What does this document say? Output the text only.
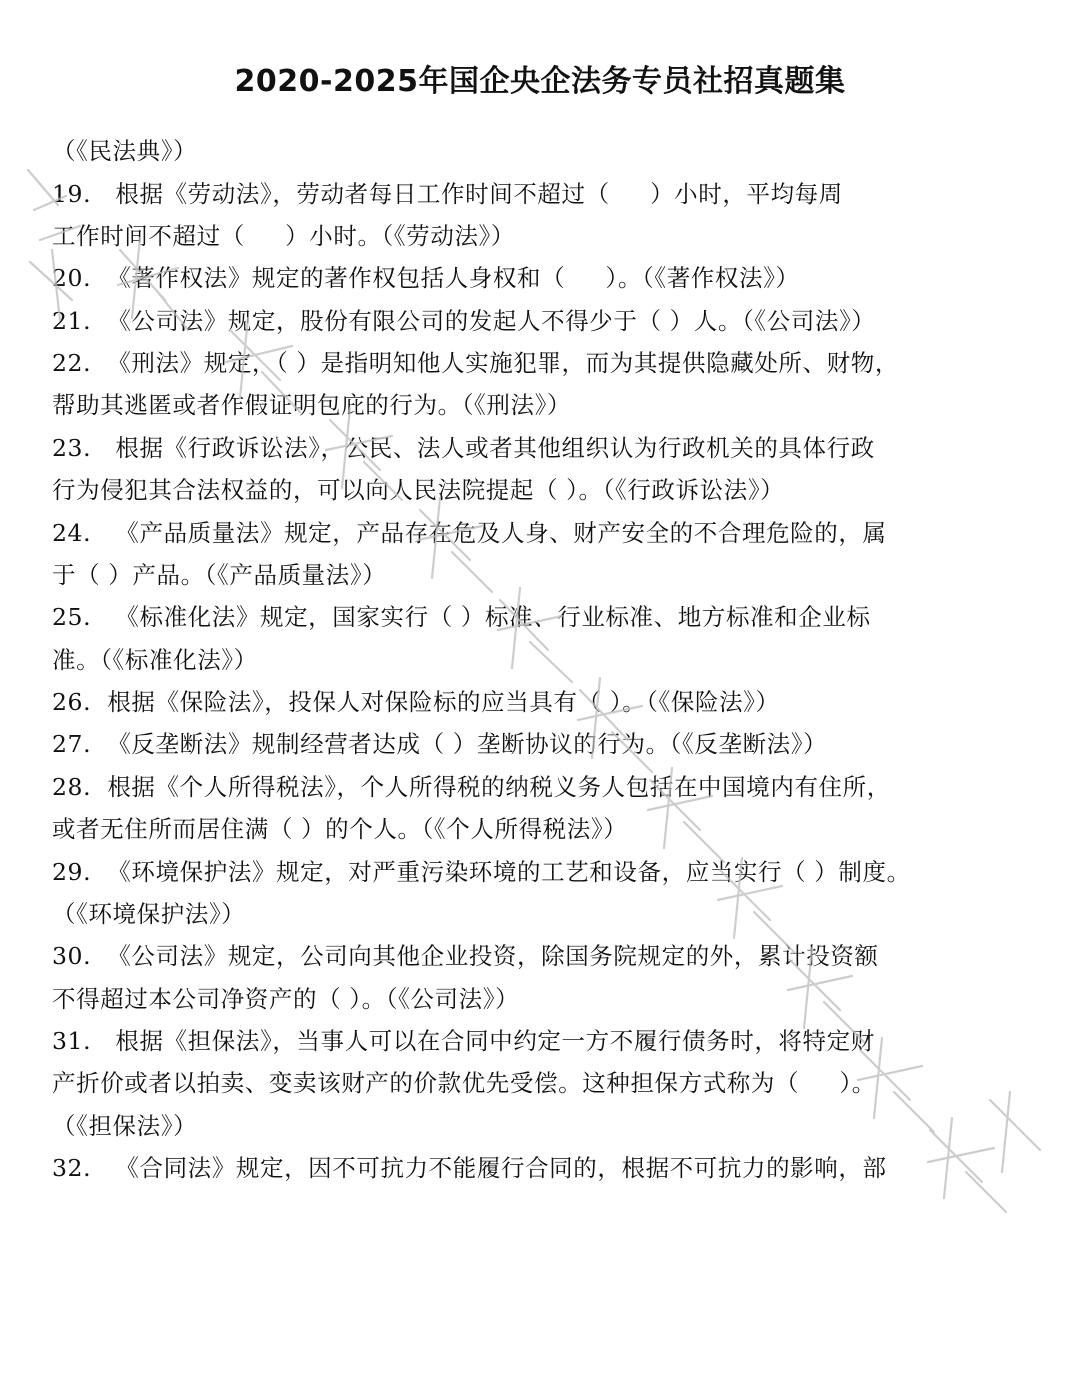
2020-2025年国企央企法务专员社招真题集
（《民法典》）
19.   根据《劳动法》，劳动者每日工作时间不超过（     ）小时，平均每周
工作时间不超过（     ）小时。（《劳动法》）
20.  《著作权法》规定的著作权包括人身权和（     ）。（《著作权法》）
21.  《公司法》规定，股份有限公司的发起人不得少于（ ）人。（《公司法》）
22.  《刑法》规定，（ ）是指明知他人实施犯罪，而为其提供隐藏处所、财物，
帮助其逃匿或者作假证明包庇的行为。（《刑法》）
23.   根据《行政诉讼法》，公民、法人或者其他组织认为行政机关的具体行政
行为侵犯其合法权益的，可以向人民法院提起（ ）。（《行政诉讼法》）
24.   《产品质量法》规定，产品存在危及人身、财产安全的不合理危险的，属
于（ ）产品。（《产品质量法》）
25.   《标准化法》规定，国家实行（ ）标准、行业标准、地方标准和企业标
准。（《标准化法》）
26.  根据《保险法》，投保人对保险标的应当具有（ ）。（《保险法》）
27.  《反垄断法》规制经营者达成（ ）垄断协议的行为。（《反垄断法》）
28.  根据《个人所得税法》，个人所得税的纳税义务人包括在中国境内有住所，
或者无住所而居住满（ ）的个人。（《个人所得税法》）
29.  《环境保护法》规定，对严重污染环境的工艺和设备，应当实行（ ）制度。
（《环境保护法》）
30.  《公司法》规定，公司向其他企业投资，除国务院规定的外，累计投资额
不得超过本公司净资产的（ ）。（《公司法》）
31.   根据《担保法》，当事人可以在合同中约定一方不履行债务时，将特定财
产折价或者以拍卖、变卖该财产的价款优先受偿。这种担保方式称为（     ）。
（《担保法》）
32.   《合同法》规定，因不可抗力不能履行合同的，根据不可抗力的影响，部
